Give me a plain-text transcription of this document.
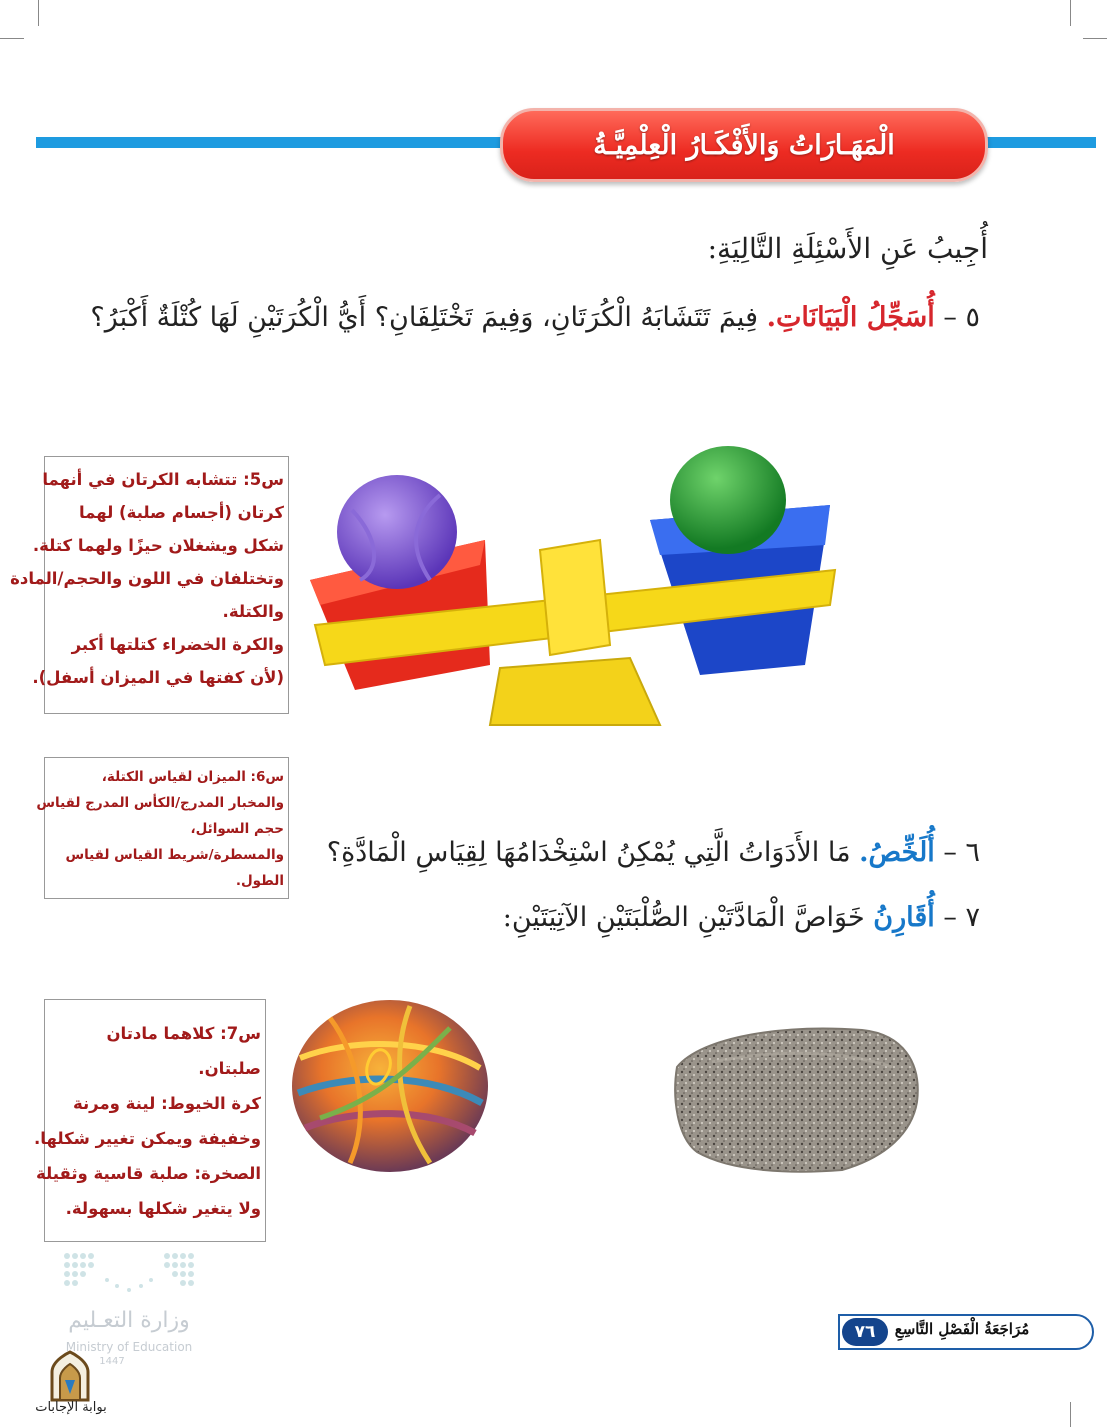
الْمَهَـارَاتُ وَالأَفْكَـارُ الْعِلْمِيَّـةُ
أُجِيبُ عَنِ الأَسْئِلَةِ التَّالِيَةِ:
٥ – أُسَجِّلُ الْبَيَانَاتِ. فِيمَ تَتَشَابَهُ الْكُرَتَانِ، وَفِيمَ تَخْتَلِفَانِ؟ أَيُّ الْكُرَتَيْنِ لَهَا كُتْلَةٌ أَكْبَرُ؟
س5: تتشابه الكرتان في أنهما
كرتان (أجسام صلبة) لهما
شكل ويشغلان حيزًا ولهما كتلة.
وتختلفان في اللون والحجم/المادة
والكتلة.
والكرة الخضراء كتلتها أكبر
(لأن كفتها في الميزان أسفل).
س6: الميزان لقياس الكتلة،
والمخبار المدرج/الكأس المدرج لقياس
حجم السوائل،
والمسطرة/شريط القياس لقياس
الطول.
٦ – أُلَخِّصُ. مَا الأَدَوَاتُ الَّتِي يُمْكِنُ اسْتِخْدَامُهَا لِقِيَاسِ الْمَادَّةِ؟
٧ – أُقَارِنُ خَوَاصَّ الْمَادَّتَيْنِ الصُّلْبَتَيْنِ الآتِيَتَيْنِ:
س7: كلاهما مادتان
صلبتان.
كرة الخيوط: لينة ومرنة
وخفيفة ويمكن تغيير شكلها.
الصخرة: صلبة قاسية وثقيلة
ولا يتغير شكلها بسهولة.
وزارة التعـليم
Ministry of Education
1447
بوابة الإجابات
٧٦	مُرَاجَعَةُ الْفَصْلِ التَّاسِعِ
